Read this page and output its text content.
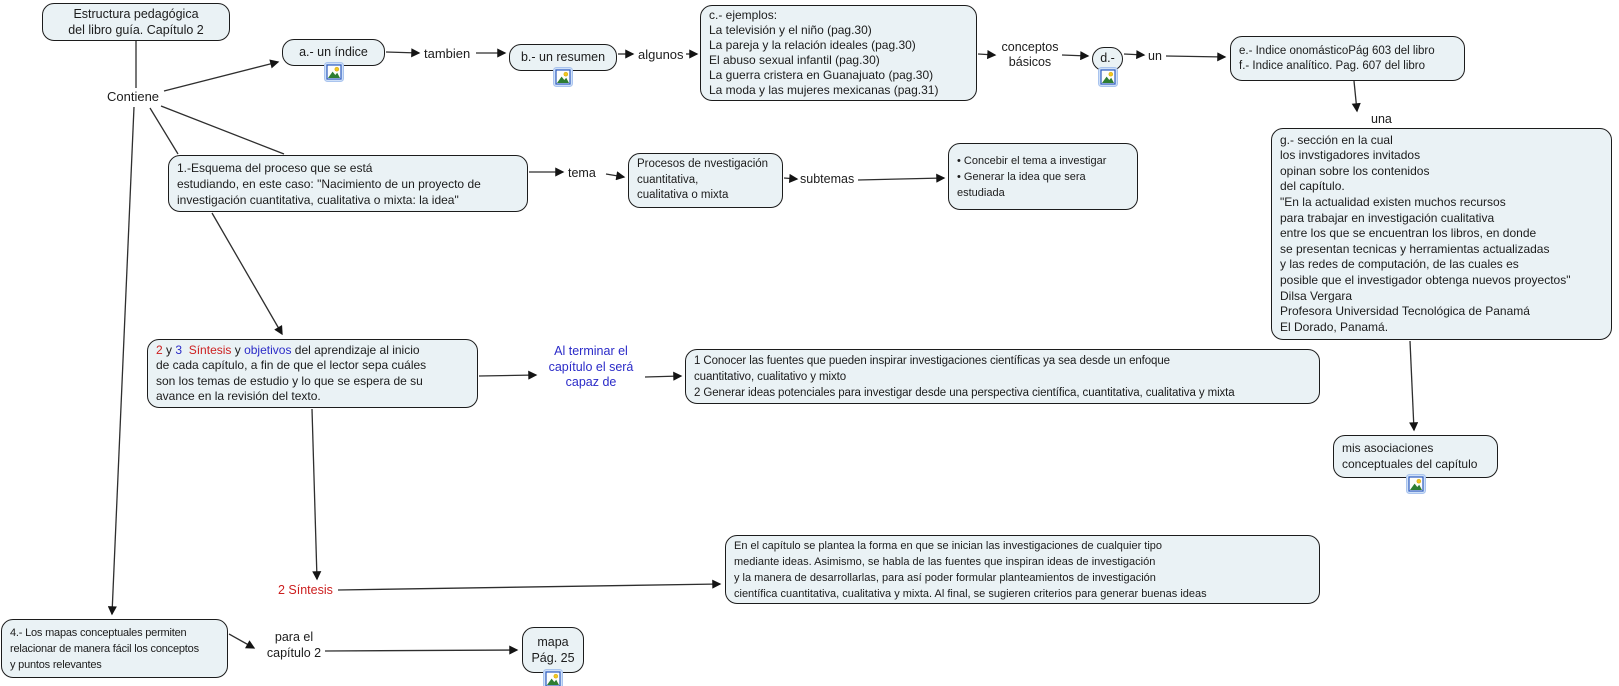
Estructura pedagógica
del libro guía. Capítulo 2
a.- un índice	b.- un resumen
c.- ejemplos:
La televisión y el niño (pag.30)
La pareja y la relación ideales (pag.30)
El abuso sexual infantil (pag.30)
La guerra cristera en Guanajuato (pag.30)
La moda y las mujeres mexicanas (pag.31)
d.-
e.- Indice onomásticoPág 603 del libro
f.- Indice analítico. Pag. 607 del libro
g.- sección en la cual
los invstigadores invitados
opinan sobre los contenidos
del capítulo.
"En la actualidad existen muchos recursos
para trabajar en investigación cualitativa
entre los que se encuentran los libros, en donde
se presentan tecnicas y herramientas actualizadas
y las redes de computación, de las cuales es
posible que el investigador obtenga nuevos proyectos"
Dilsa Vergara
Profesora Universidad Tecnológica de Panamá
El Dorado, Panamá.
1.-Esquema del proceso que se está
estudiando, en este caso: "Nacimiento de un proyecto de
investigación cuantitativa, cualitativa o mixta: la idea"
Procesos de nvestigación
cuantitativa,
cualitativa o mixta
• Concebir el tema a investigar
• Generar la idea que sera
estudiada
2 y 3 Síntesis y objetivos del aprendizaje al inicio
de cada capítulo, a fin de que el lector sepa cuáles
son los temas de estudio y lo que se espera de su
avance en la revisión del texto.
1 Conocer las fuentes que pueden inspirar investigaciones científicas ya sea desde un enfoque
cuantitativo, cualitativo y mixto
2 Generar ideas potenciales para investigar desde una perspectiva científica, cuantitativa, cualitativa y mixta
mis asociaciones
conceptuales del capítulo
En el capítulo se plantea la forma en que se inician las investigaciones de cualquier tipo
mediante ideas. Asimismo, se habla de las fuentes que inspiran ideas de investigación
y la manera de desarrollarlas, para así poder formular planteamientos de investigación
científica cuantitativa, cualitativa y mixta. Al final, se sugieren criterios para generar buenas ideas
4.- Los mapas conceptuales permiten
relacionar de manera fácil los conceptos
y puntos relevantes
mapa
Pág. 25
Contiene
tambien	algunos	conceptos
básicos	un
una
tema	subtemas
Al terminar el
capítulo el será
capaz de
2 Síntesis
para el
capítulo 2
